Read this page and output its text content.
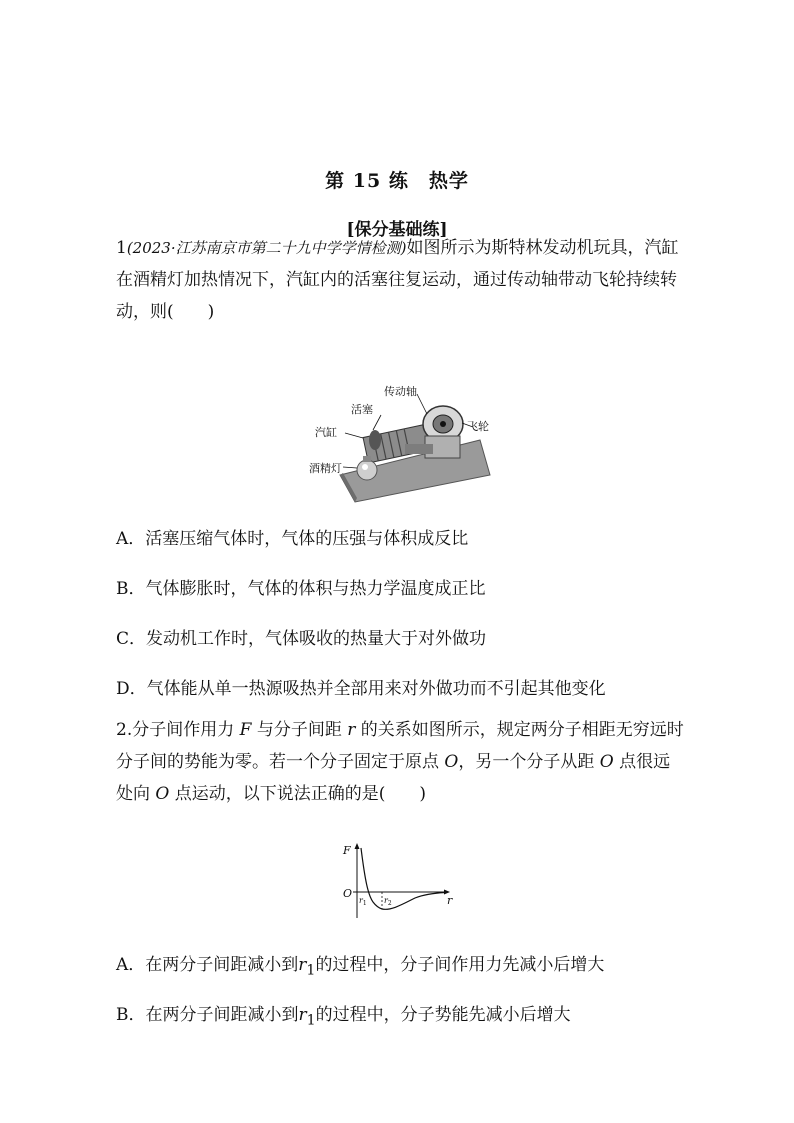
第 15 练　热学
[保分基础练]

1(2023·江苏南京市第二十九中学学情检测)如图所示为斯特林发动机玩具，汽缸在酒精灯加热情况下，汽缸内的活塞往复运动，通过传动轴带动飞轮持续转动，则(　　)

传动轴
活塞
飞轮
汽缸
酒精灯
A．活塞压缩气体时，气体的压强与体积成反比
B．气体膨胀时，气体的体积与热力学温度成正比
C．发动机工作时，气体吸收的热量大于对外做功
D．气体能从单一热源吸热并全部用来对外做功而不引起其他变化

2.分子间作用力 F 与分子间距 r 的关系如图所示，规定两分子相距无穷远时分子间的势能为零。若一个分子固定于原点 O，另一个分子从距 O 点很远处向 O 点运动，以下说法正确的是(　　)

F
O
r
$r_1$ $r_2$
A．在两分子间距减小到$r_1$的过程中，分子间作用力先减小后增大
B．在两分子间距减小到$r_1$的过程中，分子势能先减小后增大
